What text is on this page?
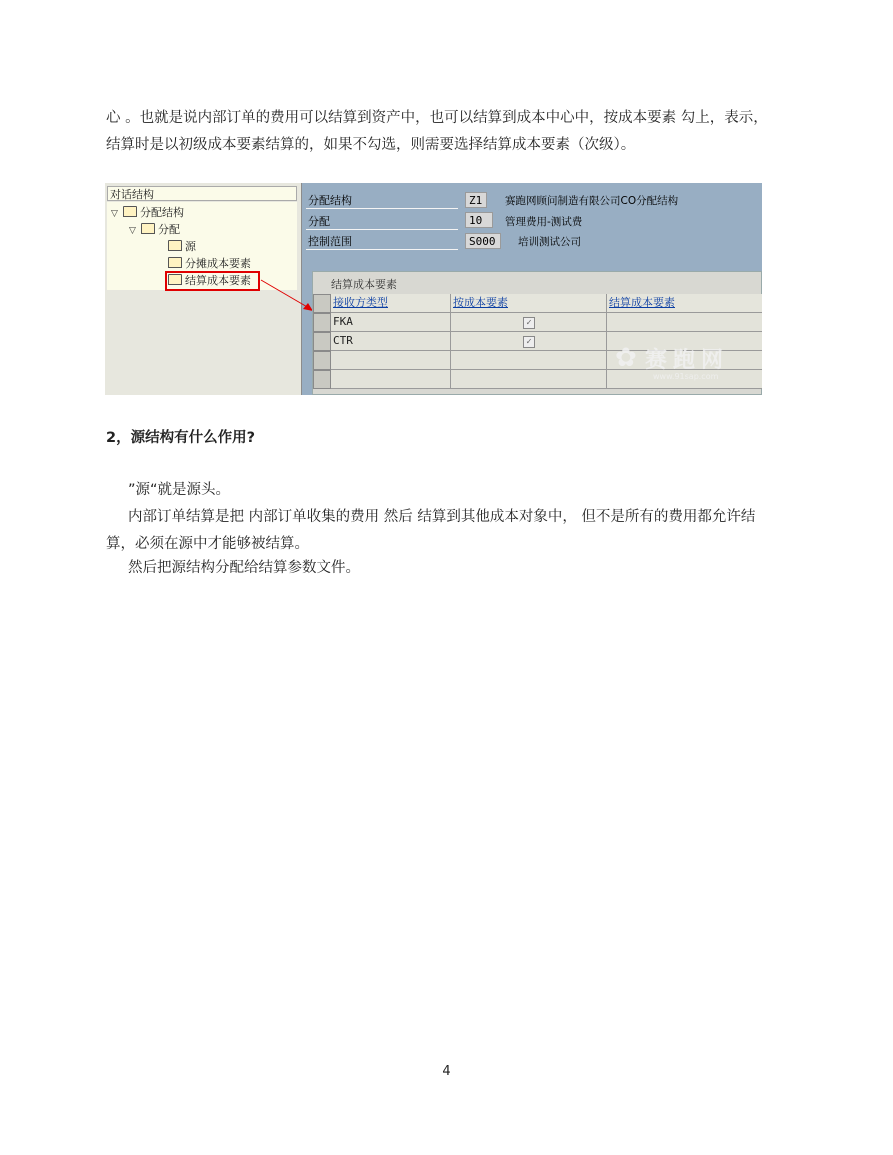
心 。也就是说内部订单的费用可以结算到资产中，也可以结算到成本中心中，按成本要素 勾上，表示，结算时是以初级成本要素结算的，如果不勾选，则需要选择结算成本要素（次级）。

对话结构
▽ 分配结构
▽ 分配
源
分摊成本要素
结算成本要素
分配结构	Z1	赛跑网顾问制造有限公司CO分配结构
分配	10	管理费用-测试费
控制范围	S000	培训测试公司
结算成本要素
接收方类型	按成本要素	结算成本要素
FKA	✓
CTR	✓
✿ 赛跑网
www.91sap.com

2，源结构有什么作用?

”源“就是源头。

内部订单结算是把 内部订单收集的费用 然后 结算到其他成本对象中， 但不是所有的费用都允许结算，必须在源中才能够被结算。

然后把源结构分配给结算参数文件。

4
